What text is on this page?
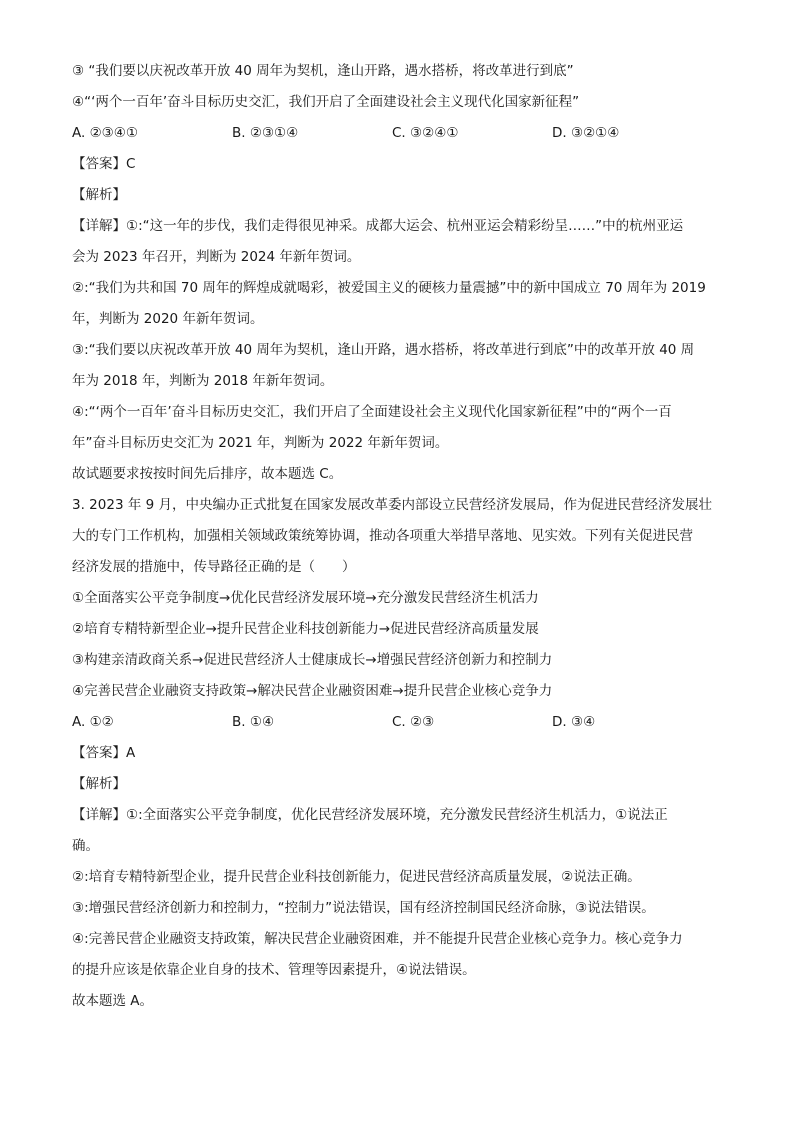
③ “我们要以庆祝改革开放 40 周年为契机，逢山开路，遇水搭桥，将改革进行到底”
④“‘两个一百年’奋斗目标历史交汇，我们开启了全面建设社会主义现代化国家新征程”
A. ②③④①	B. ②③①④	C. ③②④①	D. ③②①④
【答案】C
【解析】
【详解】①:“这一年的步伐，我们走得很见神采。成都大运会、杭州亚运会精彩纷呈……”中的杭州亚运
会为 2023 年召开，判断为 2024 年新年贺词。
②:“我们为共和国 70 周年的辉煌成就喝彩，被爱国主义的硬核力量震撼”中的新中国成立 70 周年为 2019
年，判断为 2020 年新年贺词。
③:“我们要以庆祝改革开放 40 周年为契机，逢山开路，遇水搭桥，将改革进行到底”中的改革开放 40 周
年为 2018 年，判断为 2018 年新年贺词。
④:“‘两个一百年’奋斗目标历史交汇，我们开启了全面建设社会主义现代化国家新征程”中的“两个一百
年”奋斗目标历史交汇为 2021 年，判断为 2022 年新年贺词。
故试题要求按按时间先后排序，故本题选 C。
3. 2023 年 9 月，中央编办正式批复在国家发展改革委内部设立民营经济发展局，作为促进民营经济发展壮
大的专门工作机构，加强相关领域政策统筹协调，推动各项重大举措早落地、见实效。下列有关促进民营
经济发展的措施中，传导路径正确的是（　　）
①全面落实公平竞争制度→优化民营经济发展环境→充分激发民营经济生机活力
②培育专精特新型企业→提升民营企业科技创新能力→促进民营经济高质量发展
③构建亲清政商关系→促进民营经济人士健康成长→增强民营经济创新力和控制力
④完善民营企业融资支持政策→解决民营企业融资困难→提升民营企业核心竞争力
A. ①②	B. ①④	C. ②③	D. ③④
【答案】A
【解析】
【详解】①:全面落实公平竞争制度，优化民营经济发展环境，充分激发民营经济生机活力，①说法正
确。
②:培育专精特新型企业，提升民营企业科技创新能力，促进民营经济高质量发展，②说法正确。
③:增强民营经济创新力和控制力，“控制力”说法错误，国有经济控制国民经济命脉，③说法错误。
④:完善民营企业融资支持政策，解决民营企业融资困难，并不能提升民营企业核心竞争力。核心竞争力
的提升应该是依靠企业自身的技术、管理等因素提升，④说法错误。
故本题选 A。
